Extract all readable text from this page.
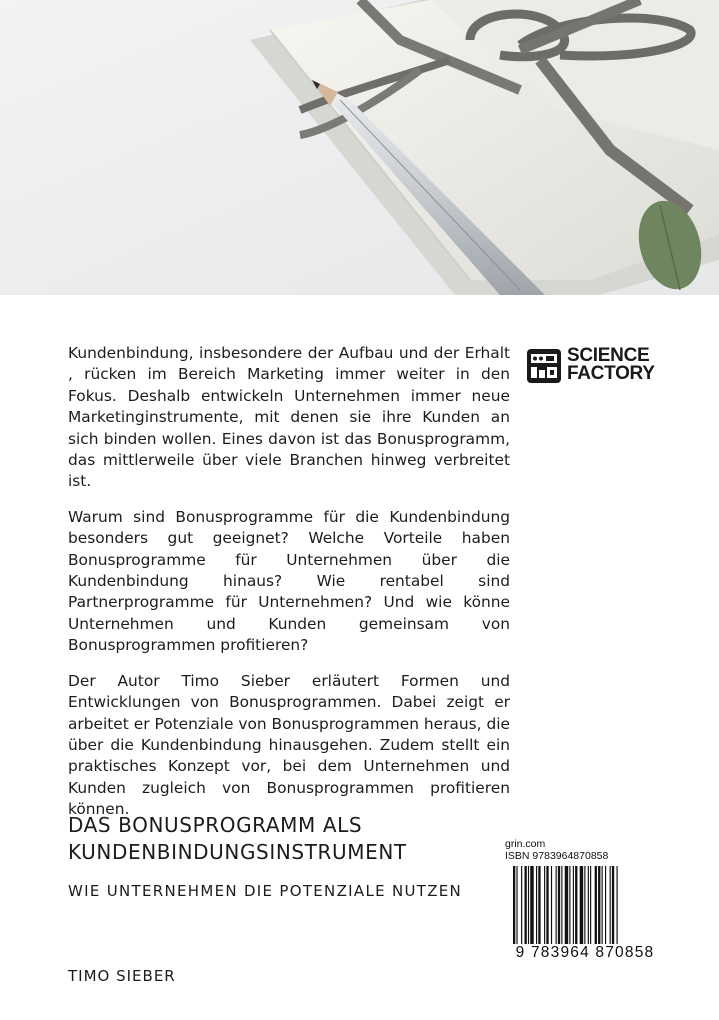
Kundenbindung, insbesondere der Aufbau und der Erhalt , rücken im Bereich Marketing immer weiter in den Fokus. Deshalb entwickeln Unternehmen immer neue Marketinginstrumente, mit denen sie ihre Kunden an sich binden wollen. Eines davon ist das Bonusprogramm, das mittlerweile über viele Branchen hinweg verbreitet ist.

Warum sind Bonusprogramme für die Kundenbindung besonders gut geeignet? Welche Vorteile haben Bonusprogramme für Unternehmen über die Kundenbindung hinaus? Wie rentabel sind Partnerprogramme für Unternehmen? Und wie könne Unternehmen und Kunden gemeinsam von Bonusprogrammen profitieren?

Der Autor Timo Sieber erläutert Formen und Entwicklungen von Bonusprogrammen. Dabei zeigt er arbeitet er Potenziale von Bonusprogrammen heraus, die über die Kundenbindung hinausgehen. Zudem stellt ein praktisches Konzept vor, bei dem Unternehmen und Kunden zugleich von Bonusprogrammen profitieren können.

SCIENCE
FACTORY
DAS BONUSPROGRAMM ALS
KUNDENBINDUNGSINSTRUMENT
WIE UNTERNEHMEN DIE POTENZIALE NUTZEN
TIMO SIEBER
grin.com
ISBN 9783964870858
9 783964 870858
